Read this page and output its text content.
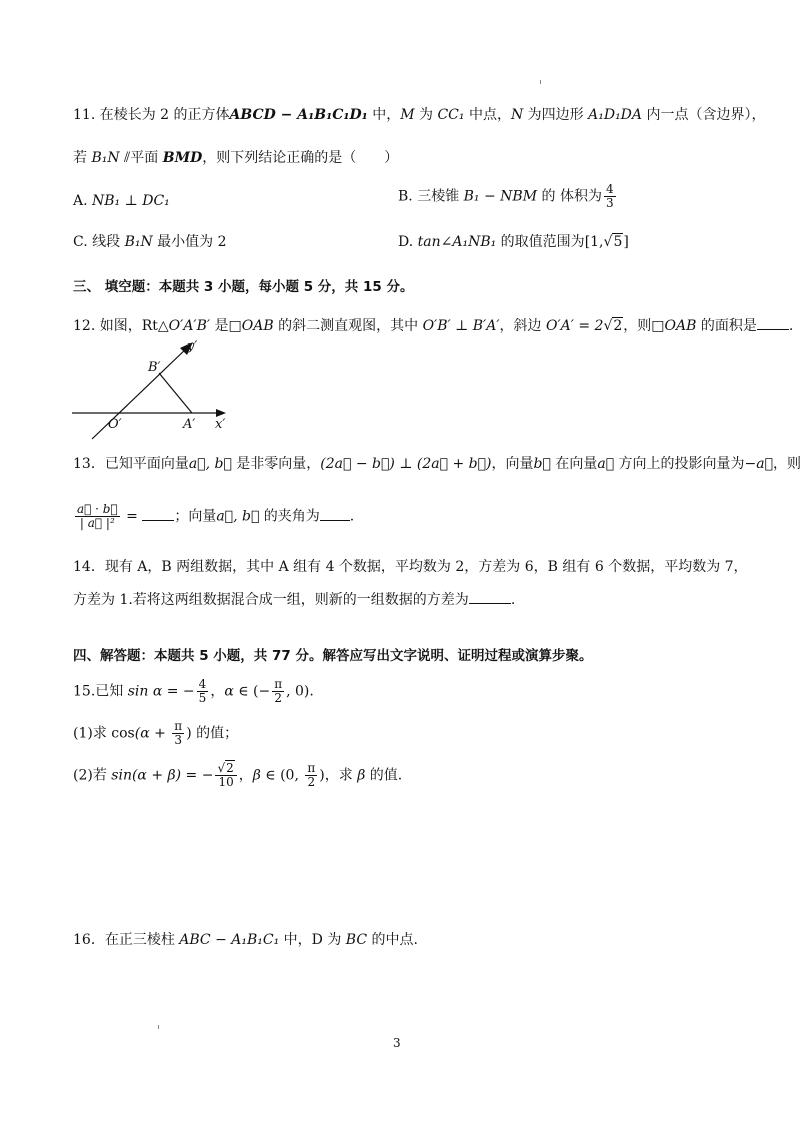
11. 在棱长为 2 的正方体ABCD − A₁B₁C₁D₁ 中，M 为 CC₁ 中点，N 为四边形 A₁D₁DA 内一点（含边界），
若 B₁N ⫽平面 BMD，则下列结论正确的是（　　）
A. NB₁ ⊥ DC₁	B. 三棱锥 B₁ − NBM 的 体积为 $\frac{4}{3}$
C. 线段 B₁N 最小值为 2	D. tan∠A₁NB₁ 的取值范围为[1,√5]
三、 填空题：本题共 3 小题，每小题 5 分，共 15 分。
12. 如图，Rt△O′A′B′ 是□OAB 的斜二测直观图，其中 O′B′ ⊥ B′A′，斜边 O′A′ = 2√2，则□OAB 的面积是 .
y′
x′
B′
O′	A′
13．已知平面向量a⃗, b⃗ 是非零向量，(2a⃗ − b⃗) ⊥ (2a⃗ + b⃗)，向量b⃗ 在向量a⃗ 方向上的投影向量为−a⃗，则
$\frac{a⃗ \cdot b⃗}{\text{| a⃗ |²}}$ = ；向量a⃗, b⃗ 的夹角为 .
14．现有 A，B 两组数据，其中 A 组有 4 个数据，平均数为 2，方差为 6，B 组有 6 个数据，平均数为 7，
方差为 1.若将这两组数据混合成一组，则新的一组数据的方差为	.
四、解答题：本题共 5 小题，共 77 分。解答应写出文字说明、证明过程或演算步聚。
15.已知 sin α = − $\frac{4}{5}$ ，α ∈ (− $\frac{\pi}{2}$ , 0).
(1)求 $\cos(\alpha + \frac{\pi}{3}$ ) 的值；
(2)若 sin(α + β) = − $\frac{√2}{10}$ ，β ∈ (0, $\frac{\pi}{2}$ )，求 β 的值.
16．在正三棱柱 ABC − A₁B₁C₁ 中，D 为 BC 的中点.
3
